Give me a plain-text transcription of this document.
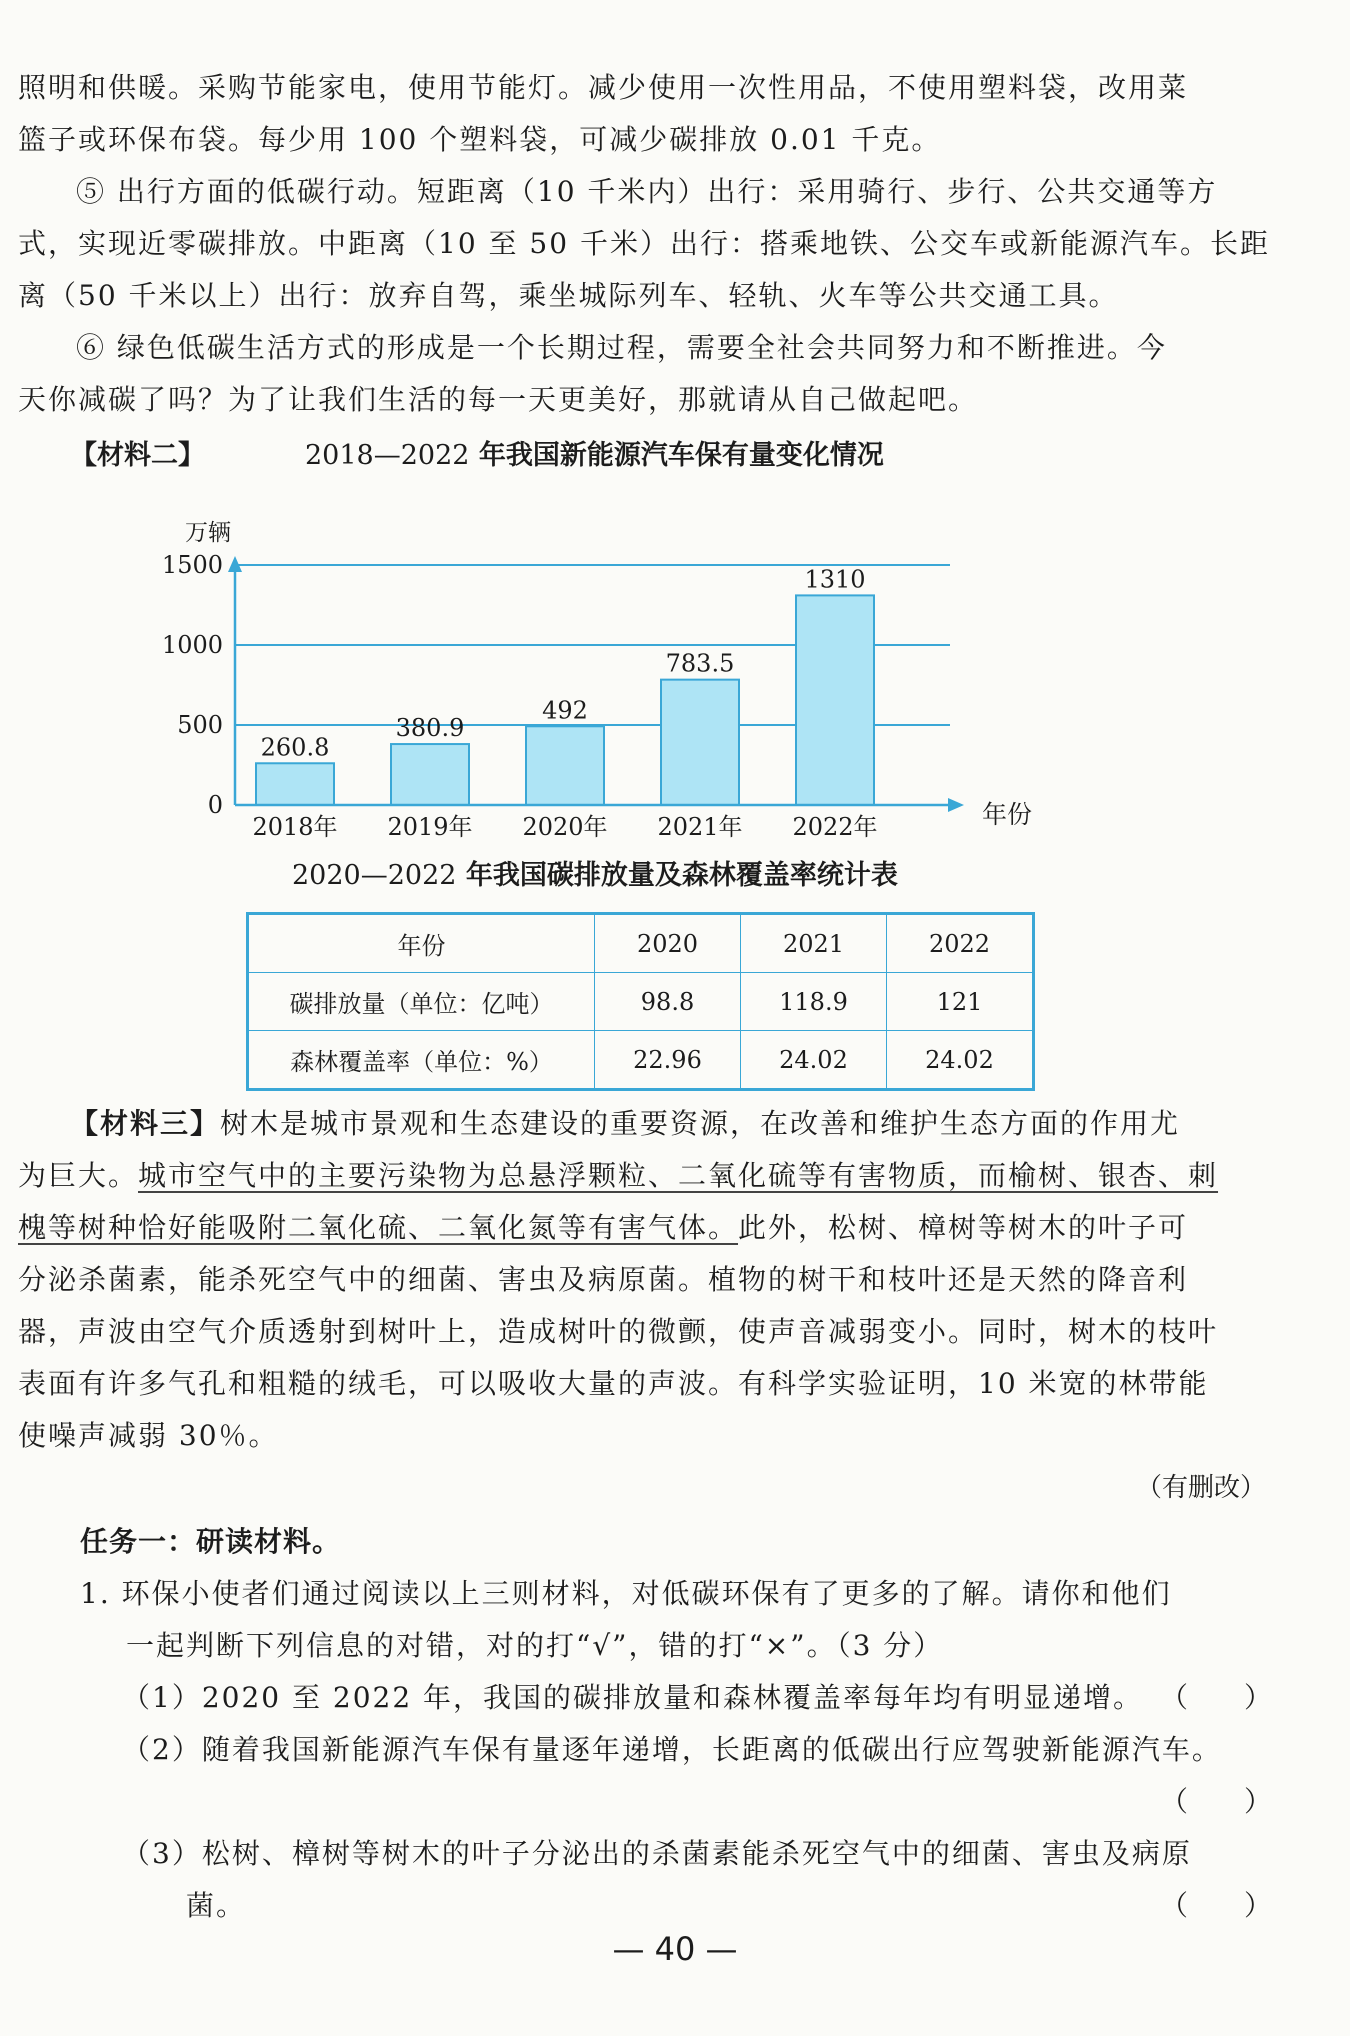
照明和供暖。采购节能家电，使用节能灯。减少使用一次性用品，不使用塑料袋，改用菜
篮子或环保布袋。每少用 100 个塑料袋，可减少碳排放 0.01 千克。
⑤ 出行方面的低碳行动。短距离（10 千米内）出行：采用骑行、步行、公共交通等方
式，实现近零碳排放。中距离（10 至 50 千米）出行：搭乘地铁、公交车或新能源汽车。长距
离（50 千米以上）出行：放弃自驾，乘坐城际列车、轻轨、火车等公共交通工具。
⑥ 绿色低碳生活方式的形成是一个长期过程，需要全社会共同努力和不断推进。今
天你减碳了吗？为了让我们生活的每一天更美好，那就请从自己做起吧。
【材料二】	2018—2022 年我国新能源汽车保有量变化情况
0
500
1000
1500
万辆
年份
260.8
2018年
380.9
2019年
492
2020年
783.5
2021年
1310
2022年
2020—2022 年我国碳排放量及森林覆盖率统计表
年份	2020	2021	2022
碳排放量（单位：亿吨）	98.8	118.9	121
森林覆盖率（单位：%）	22.96	24.02	24.02
【材料三】树木是城市景观和生态建设的重要资源，在改善和维护生态方面的作用尤
为巨大。城市空气中的主要污染物为总悬浮颗粒、二氧化硫等有害物质，而榆树、银杏、刺
槐等树种恰好能吸附二氧化硫、二氧化氮等有害气体。此外，松树、樟树等树木的叶子可
分泌杀菌素，能杀死空气中的细菌、害虫及病原菌。植物的树干和枝叶还是天然的降音利
器，声波由空气介质透射到树叶上，造成树叶的微颤，使声音减弱变小。同时，树木的枝叶
表面有许多气孔和粗糙的绒毛，可以吸收大量的声波。有科学实验证明，10 米宽的林带能
使噪声减弱 30％。
（有删改）
任务一：研读材料。
1. 环保小使者们通过阅读以上三则材料，对低碳环保有了更多的了解。请你和他们
一起判断下列信息的对错，对的打“√”，错的打“×”。（3 分）
（1）2020 至 2022 年，我国的碳排放量和森林覆盖率每年均有明显递增。 （　　）
（2）随着我国新能源汽车保有量逐年递增，长距离的低碳出行应驾驶新能源汽车。
（　　）
（3）松树、樟树等树木的叶子分泌出的杀菌素能杀死空气中的细菌、害虫及病原
菌。	（　　）
— 40 —
